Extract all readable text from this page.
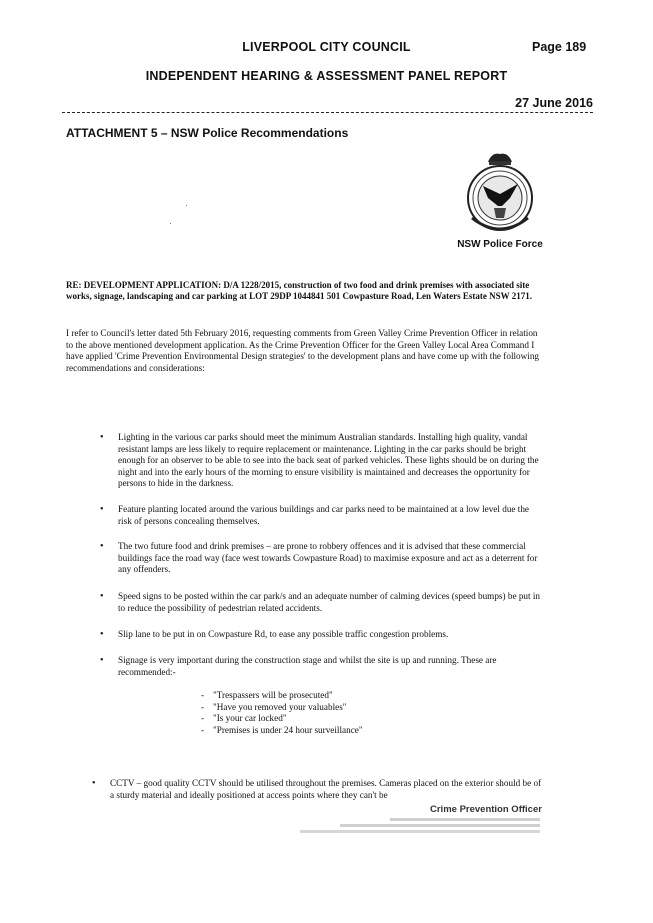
LIVERPOOL CITY COUNCIL	Page 189
INDEPENDENT HEARING & ASSESSMENT PANEL REPORT
27 June 2016
ATTACHMENT 5 – NSW Police Recommendations
NSW Police Force
RE: DEVELOPMENT APPLICATION: D/A 1228/2015, construction of two food and drink premises with associated site works, signage, landscaping and car parking at LOT 29DP 1044841 501 Cowpasture Road, Len Waters Estate NSW 2171.
I refer to Council's letter dated 5th February 2016, requesting comments from Green Valley Crime Prevention Officer in relation to the above mentioned development application. As the Crime Prevention Officer for the Green Valley Local Area Command I have applied 'Crime Prevention Environmental Design strategies' to the development plans and have come up with the following recommendations and considerations:
• Lighting in the various car parks should meet the minimum Australian standards. Installing high quality, vandal resistant lamps are less likely to require replacement or maintenance. Lighting in the car parks should be bright enough for an observer to be able to see into the back seat of parked vehicles. These lights should be on during the night and into the early hours of the morning to ensure visibility is maintained and decreases the opportunity for persons to hide in the darkness.
• Feature planting located around the various buildings and car parks need to be maintained at a low level due the risk of persons concealing themselves.
• The two future food and drink premises – are prone to robbery offences and it is advised that these commercial buildings face the road way (face west towards Cowpasture Road) to maximise exposure and act as a deterrent for any offenders.
• Speed signs to be posted within the car park/s and an adequate number of calming devices (speed bumps) be put in to reduce the possibility of pedestrian related accidents.
• Slip lane to be put in on Cowpasture Rd, to ease any possible traffic congestion problems.
• Signage is very important during the construction stage and whilst the site is up and running. These are recommended:-
- "Trespassers will be prosecuted"
- "Have you removed your valuables"
- "Is your car locked"
- "Premises is under 24 hour surveillance"
• CCTV – good quality CCTV should be utilised throughout the premises. Cameras placed on the exterior should be of a sturdy material and ideally positioned at access points where they can't be
Crime Prevention Officer
